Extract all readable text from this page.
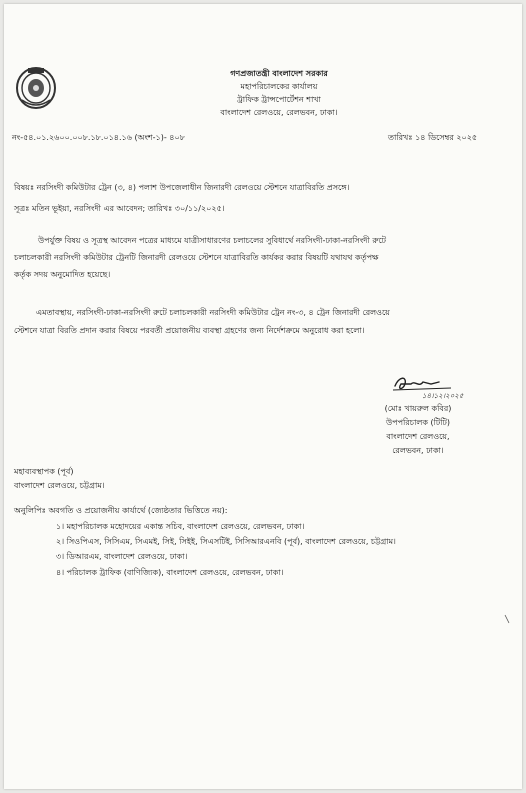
গণপ্রজাতন্ত্রী বাংলাদেশ সরকার
মহাপরিচালকের কার্যালয়
ট্রাফিক ট্রান্সপোর্টেশন শাখা
বাংলাদেশ রেলওয়ে, রেলভবন, ঢাকা।
নং-৫৪.০১.২৬০০.০০৮.১৮.০১৪.১৬ (অংশ-১)- ৪০৮	তারিখঃ ১৪ ডিসেম্বর ২০২৫
বিষয়ঃ নরসিংদী কমিউটার ট্রেন (৩, ৪) পলাশ উপজেলাধীন জিনারদী রেলওয়ে স্টেশনে যাত্রাবিরতি প্রসঙ্গে।
সূত্রঃ মতিন ভূইয়া, নরসিংদী এর আবেদন; তারিখঃ ৩০/১১/২০২৫।
উপর্যুক্ত বিষয় ও সূত্রস্থ আবেদন পত্রের মাধ্যমে যাত্রীসাধারণের চলাচলের সুবিধার্থে নরসিংদী-ঢাকা-নরসিংদী রুটে
চলাচলকারী নরসিংদী কমিউটার ট্রেনটি জিনারদী রেলওয়ে স্টেশনে যাত্রাবিরতি কার্যকর করার বিষয়টি যথাযথ কর্তৃপক্ষ
কর্তৃক সদয় অনুমোদিত হয়েছে।
এমতাবস্থায়, নরসিংদী-ঢাকা-নরসিংদী রুটে চলাচলকারী নরসিংদী কমিউটার ট্রেন নং-৩, ৪ ট্রেন জিনারদী রেলওয়ে
স্টেশনে যাত্রা বিরতি প্রদান করার বিষয়ে পরবর্তী প্রয়োজনীয় ব্যবস্থা গ্রহণের জন্য নির্দেশক্রমে অনুরোধ করা হলো।
১৪।১২।২০২৫
(মোঃ খায়রুল কবির)
উপপরিচালক (টিটি)
বাংলাদেশ রেলওয়ে,
রেলভবন, ঢাকা।
মহাব্যবস্থাপক (পূর্ব)
বাংলাদেশ রেলওয়ে, চট্টগ্রাম।
অনুলিপিঃ অবগতি ও প্রয়োজনীয় কার্যার্থে (জ্যেষ্ঠতার ভিত্তিতে নয়):
১। মহাপরিচালক মহোদয়ের একান্ত সচিব, বাংলাদেশ রেলওয়ে, রেলভবন, ঢাকা।
২। সিওপিএস, সিসিএম, সিএমই, সিই, সিইই, সিএসটিই, সিসিআরএনবি (পূর্ব), বাংলাদেশ রেলওয়ে, চট্টগ্রাম।
৩। ডিআরএম, বাংলাদেশ রেলওয়ে, ঢাকা।
৪। পরিচালক ট্রাফিক (বাণিজ্যিক), বাংলাদেশ রেলওয়ে, রেলভবন, ঢাকা।
